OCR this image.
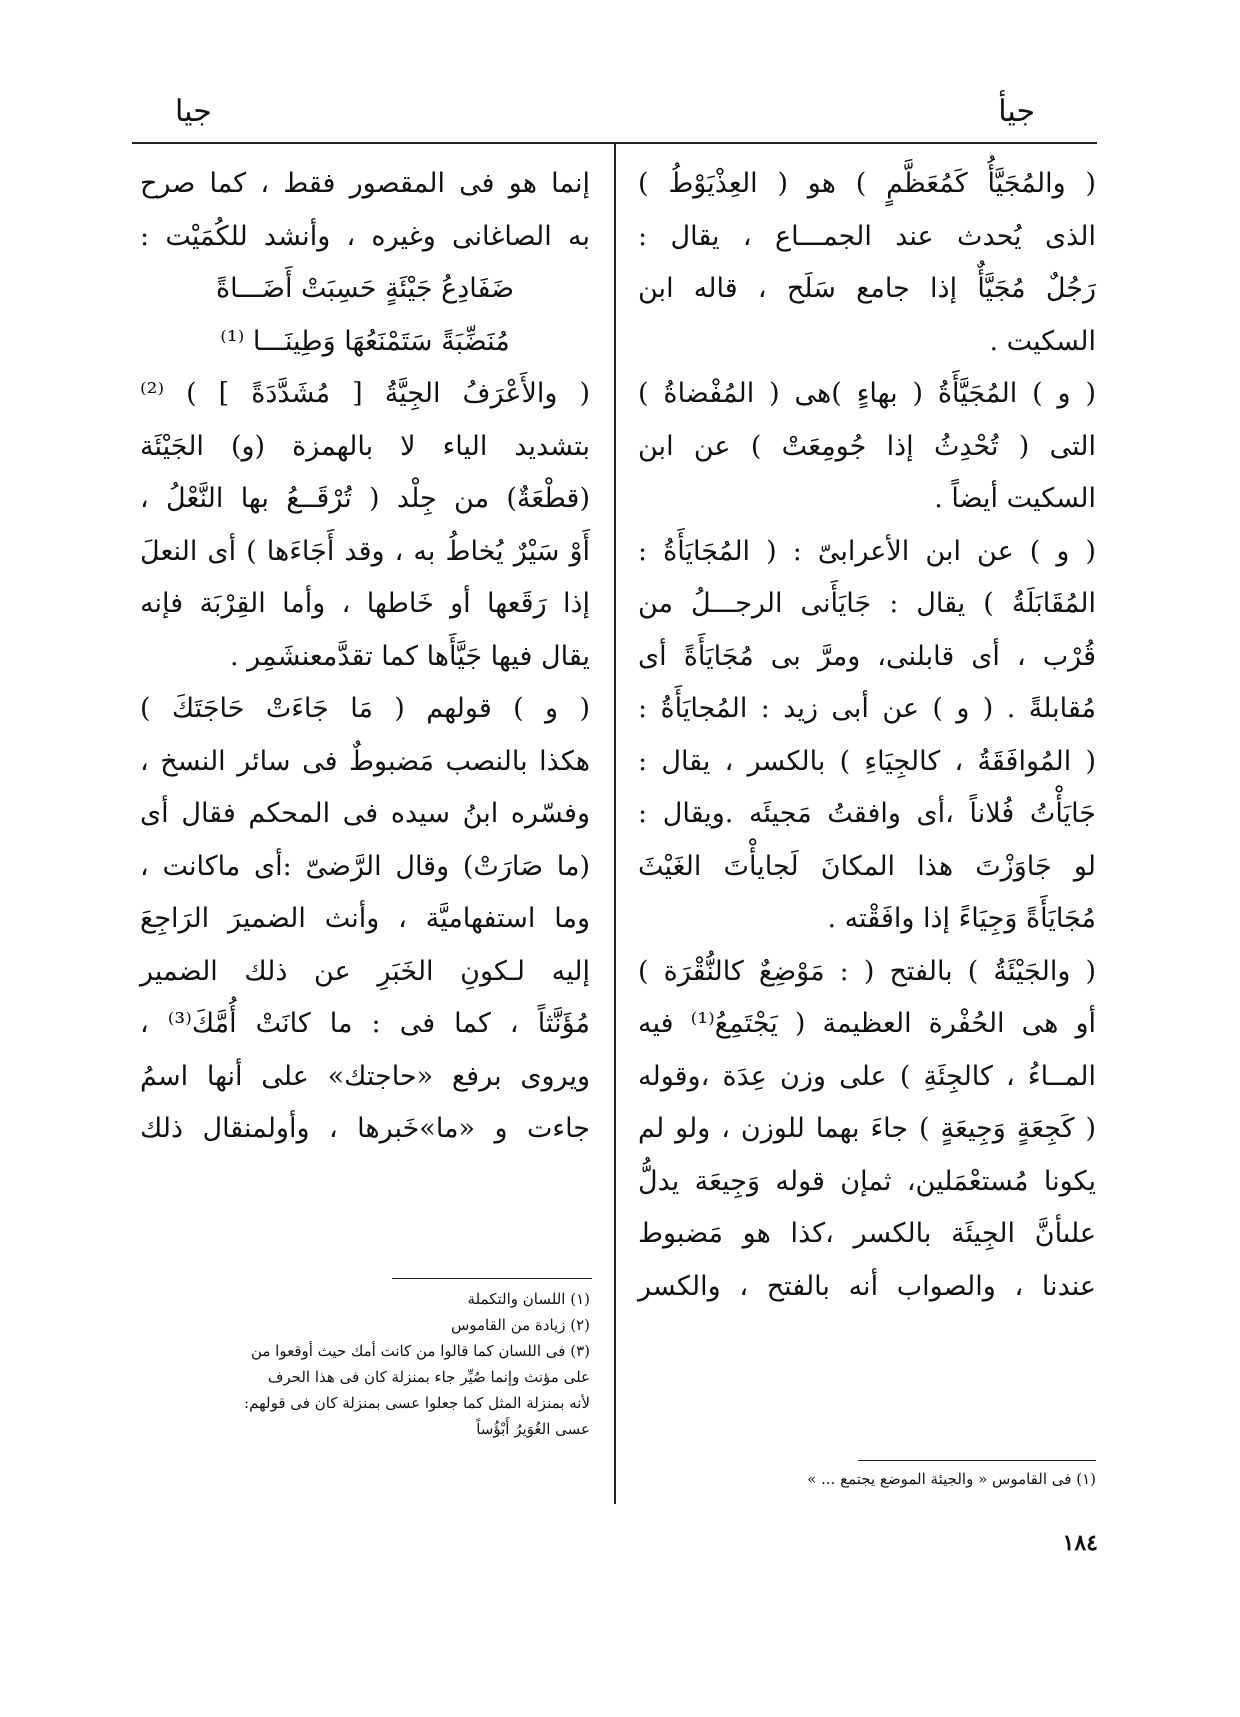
جيأ
جيا
( والمُجَيَّأُ كَمُعَظَّمٍ ) هو ( العِذْيَوْطُ )
الذى يُحدث عند الجمـــاع ، يقال :
رَجُلٌ مُجَيَّأٌ إذا جامع سَلَح ، قاله ابن
السكيت .
( و ) المُجَيَّأَةُ ( بهاءٍ )هى ( المُفْضاةُ )
التى ( تُحْدِثُ إذا جُومِعَتْ ) عن ابن
السكيت أيضاً .
( و ) عن ابن الأعرابىّ : ( المُجَايَأَةُ :
المُقَابَلَةُ ) يقال : جَايَأَنى الرجـــلُ من
قُرْب ، أى قابلنى، ومرَّ بى مُجَايَأَةً أى
مُقابلةً . ( و ) عن أبى زيد : المُجايَأَةُ :
( المُوافَقَةُ ، كالجِيَاءِ ) بالكسر ، يقال :
جَايَأْتُ فُلاناً ،أى وافقتُ مَجيئَه .ويقال :
لو جَاوَزْتَ هذا المكانَ لَجايأْتَ الغَيْثَ
مُجَايَأَةً وَجِيَاءً إذا وافَقْته .
( والجَيْئَةُ ) بالفتح ( : مَوْضِعٌ كالنُّقْرَة )
أو هى الحُفْرة العظيمة ( يَجْتَمِعُ⁽¹⁾ فيه
المــاءُ ، كالجِئَةِ ) على وزن عِدَة ،وقوله
( كَجِعَةٍ وَجِيعَةٍ ) جاءَ بهما للوزن ، ولو لم
يكونا مُستعْمَلين، ثمإن قوله وَجِيعَة يدلُّ
علىأنَّ الجِيئَة بالكسر ،كذا هو مَضبوط
عندنا ، والصواب أنه بالفتح ، والكسر
(١) فى القاموس « والجيئة الموضع يجتمع ... »
إنما هو فى المقصور فقط ، كما صرح
به الصاغانى وغيره ، وأنشد للكُمَيْت :
ضَفَادِعُ جَيْئَةٍ حَسِبَتْ أَضَـــاةً
مُنَضِّبَةً سَتَمْنَعُهَا وَطِينَـــا ⁽¹⁾
( والأَعْرَفُ الجِيَّةُ [ مُشَدَّدَةً ] ) ⁽²⁾
بتشديد الياء لا بالهمزة (و) الجَيْئَة
(قطْعَةٌ) من جِلْد ( تُرْقَــعُ بها النَّعْلُ ،
أَوْ سَيْرٌ يُخاطُ به ، وقد أَجَاءَها ) أى النعلَ
إذا رَقَعها أو خَاطها ، وأما القِرْبَة فإنه
يقال فيها جَيَّأَها كما تقدَّمعنشَمِر .
( و ) قولهم ( مَا جَاءَتْ حَاجَتَكَ )
هكذا بالنصب مَضبوطٌ فى سائر النسخ ،
وفسّره ابنُ سيده فى المحكم فقال أى
(ما صَارَتْ) وقال الرَّضىّ :أى ماكانت ،
وما استفهاميَّة ، وأنث الضميرَ الرَاجِعَ
إليه لـكونِ الخَبَرِ عن ذلك الضمير
مُؤَنَّثاً ، كما فى : ما كانَتْ أُمَّكَ⁽³⁾ ،
ويروى برفع «حاجتك» على أنها اسمُ
جاءت و «ما»خَبرها ، وأولمنقال ذلك
(١) اللسان والتكملة
(٢) زيادة من القاموس
(٣) فى اللسان كما قالوا من كانت أمك حيث أوقعوا من
على مؤنث وإنما صُيِّر جاء بمنزلة كان فى هذا الحرف
لأنه بمنزلة المثل كما جعلوا عسى بمنزلة كان فى قولهم:
عسى الغُوَيرُ أَبْؤُساً
١٨٤
